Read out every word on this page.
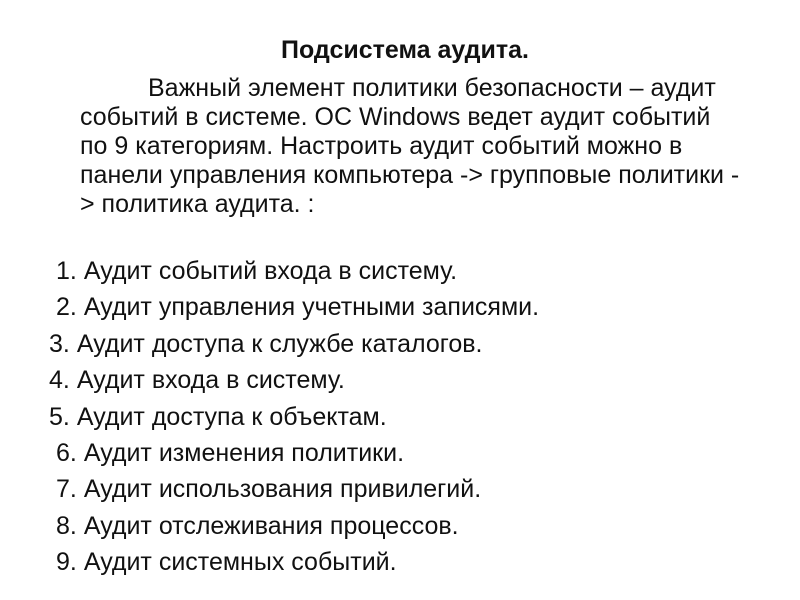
Подсистема аудита.
Важный элемент политики безопасности – аудит событий в системе. ОС Windows ведет аудит событий по 9 категориям. Настроить аудит событий можно в панели управления компьютера -> групповые политики -> политика аудита. :
1. Аудит событий входа в систему.
2. Аудит управления учетными записями.
3. Аудит доступа к службе каталогов.
4. Аудит входа в систему.
5. Аудит доступа к объектам.
6. Аудит изменения политики.
7. Аудит использования привилегий.
8. Аудит отслеживания процессов.
9. Аудит системных событий.
